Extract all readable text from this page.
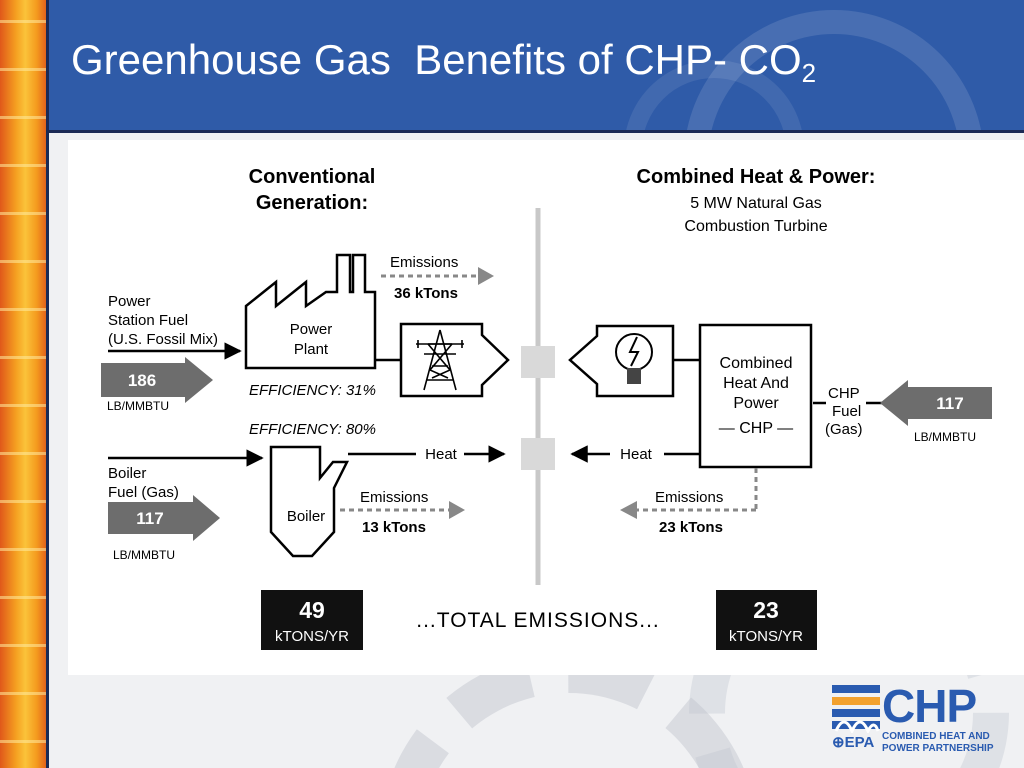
Greenhouse Gas  Benefits of CHP- $CO_2$
Conventional
Generation:
Power
Station Fuel
(U.S. Fossil Mix)
186
LB/MMBTU
Power
Plant
EFFICIENCY: 31%
Emissions
36 kTons
EFFICIENCY: 80%
Boiler
Fuel (Gas)
117
LB/MMBTU
Boiler
Heat
Emissions
13 kTons
Combined Heat & Power:
5 MW Natural Gas
Combustion Turbine
Combined
Heat And
Power
— CHP —
CHP
Fuel
(Gas)
117
LB/MMBTU
Heat
Emissions
23 kTons
49
kTONS/YR
...TOTAL EMISSIONS...	23
kTONS/YR
CHP
⊕EPA COMBINED HEAT AND
POWER PARTNERSHIP
